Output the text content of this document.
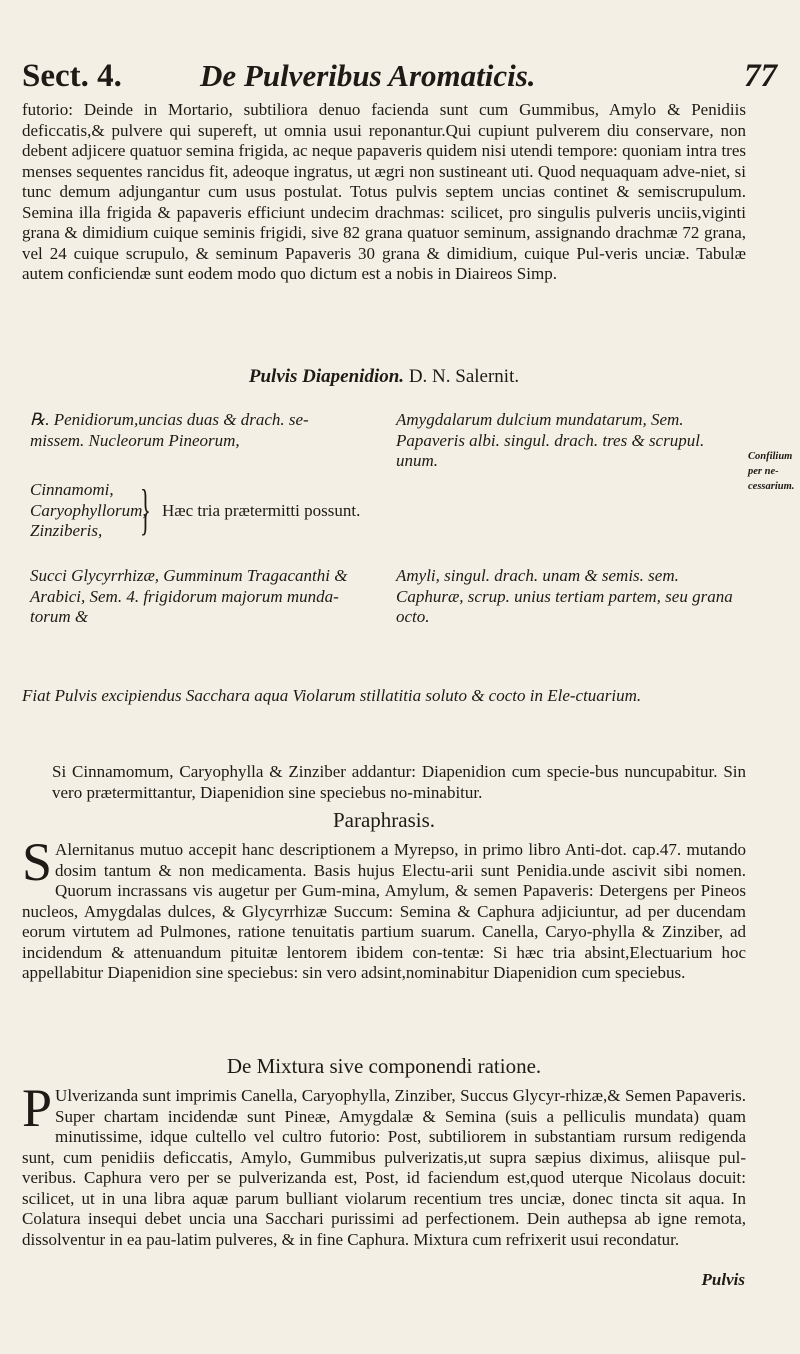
Sect. 4.	De Pulveribus Aromaticis.	77

futorio: Deinde in Mortario, subtiliora denuo facienda sunt cum Gummibus, Amylo & Penidiis deficcatis,& pulvere qui supereft, ut omnia usui reponantur.Qui cupiunt pulverem diu conservare, non debent adjicere quatuor semina frigida, ac neque papaveris quidem nisi utendi tempore: quoniam intra tres menses sequentes rancidus fit, adeoque ingratus, ut ægri non sustineant uti. Quod nequaquam adve-niet, si tunc demum adjungantur cum usus postulat. Totus pulvis septem uncias continet & semiscrupulum. Semina illa frigida & papaveris efficiunt undecim drachmas: scilicet, pro singulis pulveris unciis,viginti grana & dimidium cuique seminis frigidi, sive 82 grana quatuor seminum, assignando drachmæ 72 grana, vel 24 cuique scrupulo, & seminum Papaveris 30 grana & dimidium, cuique Pul-veris unciæ. Tabulæ autem conficiendæ sunt eodem modo quo dictum est a nobis in Diaireos Simp.

Confilium per ne-cessarium.
Pulvis Diapenidion. D. N. Salernit.
℞. Penidiorum,uncias duas & drach. se-missem. Nucleorum Pineorum,
Amygdalarum dulcium mundatarum, Sem. Papaveris albi. singul. drach. tres & scrupul. unum.
Cinnamomi,
Caryophyllorum,
Zinziberis, } Hæc tria prætermitti possunt.
Succi Glycyrrhizæ, Gumminum Tragacanthi & Arabici, Sem. 4. frigidorum majorum munda-torum &
Amyli, singul. drach. unam & semis. sem. Caphuræ, scrup. unius tertiam partem, seu grana octo.
Fiat Pulvis excipiendus Sacchara aqua Violarum stillatitia soluto & cocto in Ele-ctuarium.

Si Cinnamomum, Caryophylla & Zinziber addantur: Diapenidion cum specie-bus nuncupabitur. Sin vero prætermittantur, Diapenidion sine speciebus no-minabitur.

Paraphrasis.
S Alernitanus mutuo accepit hanc descriptionem a Myrepso, in primo libro Anti-dot. cap.47. mutando dosim tantum & non medicamenta. Basis hujus Electu-arii sunt Penidia.unde ascivit sibi nomen. Quorum incrassans vis augetur per Gum-mina, Amylum, & semen Papaveris: Detergens per Pineos nucleos, Amygdalas dulces, & Glycyrrhizæ Succum: Semina & Caphura adjiciuntur, ad per ducendam eorum virtutem ad Pulmones, ratione tenuitatis partium suarum. Canella, Caryo-phylla & Zinziber, ad incidendum & attenuandum pituitæ lentorem ibidem con-tentæ: Si hæc tria absint,Electuarium hoc appellabitur Diapenidion sine speciebus: sin vero adsint,nominabitur Diapenidion cum speciebus.

De Mixtura sive componendi ratione.
P Ulverizanda sunt imprimis Canella, Caryophylla, Zinziber, Succus Glycyr-rhizæ,& Semen Papaveris. Super chartam incidendæ sunt Pineæ, Amygdalæ & Semina (suis a pelliculis mundata) quam minutissime, idque cultello vel cultro futorio: Post, subtiliorem in substantiam rursum redigenda sunt, cum penidiis deficcatis, Amylo, Gummibus pulverizatis,ut supra sæpius diximus, aliisque pul-veribus. Caphura vero per se pulverizanda est, Post, id faciendum est,quod uterque Nicolaus docuit: scilicet, ut in una libra aquæ parum bulliant violarum recentium tres unciæ, donec tincta sit aqua. In Colatura insequi debet uncia una Sacchari purissimi ad perfectionem. Dein authepsa ab igne remota, dissolventur in ea pau-latim pulveres, & in fine Caphura. Mixtura cum refrixerit usui recondatur.

Pulvis
